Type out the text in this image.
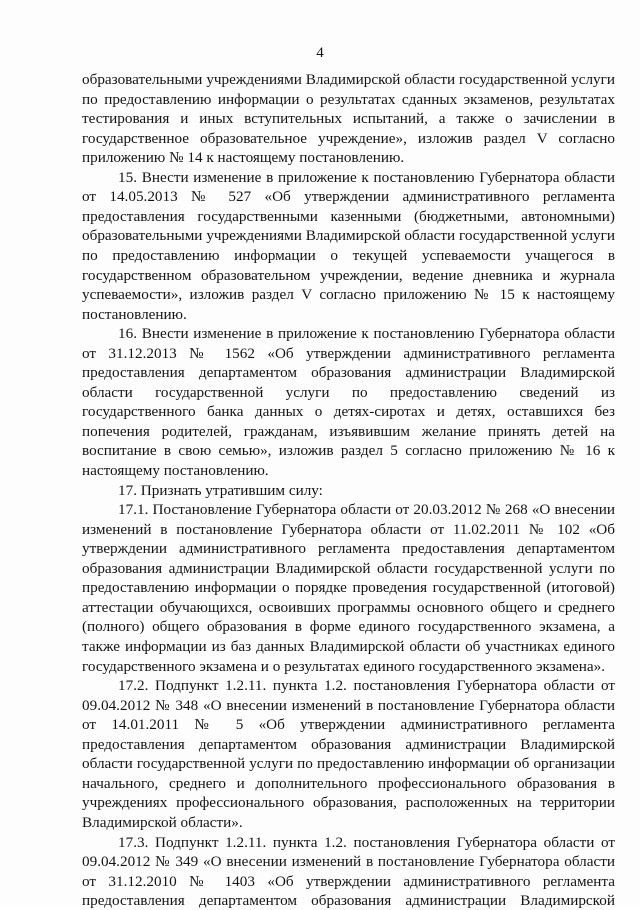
4
образовательными учреждениями Владимирской области государственной услуги
по предоставлению информации о результатах сданных экзаменов, результатах
тестирования и иных вступительных испытаний, а также о зачислении в
государственное образовательное учреждение», изложив раздел V согласно
приложению № 14 к настоящему постановлению.
15. Внести изменение в приложение к постановлению Губернатора области
от 14.05.2013 № 527 «Об утверждении административного регламента
предоставления государственными казенными (бюджетными, автономными)
образовательными учреждениями Владимирской области государственной услуги
по предоставлению информации о текущей успеваемости учащегося в
государственном образовательном учреждении, ведение дневника и журнала
успеваемости», изложив раздел V согласно приложению № 15 к настоящему
постановлению.
16. Внести изменение в приложение к постановлению Губернатора области
от 31.12.2013 № 1562 «Об утверждении административного регламента
предоставления департаментом образования администрации Владимирской
области государственной услуги по предоставлению сведений из
государственного банка данных о детях-сиротах и детях, оставшихся без
попечения родителей, гражданам, изъявившим желание принять детей на
воспитание в свою семью», изложив раздел 5 согласно приложению № 16 к
настоящему постановлению.
17. Признать утратившим силу:
17.1. Постановление Губернатора области от 20.03.2012 № 268 «О внесении
изменений в постановление Губернатора области от 11.02.2011 № 102 «Об
утверждении административного регламента предоставления департаментом
образования администрации Владимирской области государственной услуги по
предоставлению информации о порядке проведения государственной (итоговой)
аттестации обучающихся, освоивших программы основного общего и среднего
(полного) общего образования в форме единого государственного экзамена, а
также информации из баз данных Владимирской области об участниках единого
государственного экзамена и о результатах единого государственного экзамена».
17.2. Подпункт 1.2.11. пункта 1.2. постановления Губернатора области от
09.04.2012 № 348 «О внесении изменений в постановление Губернатора области
от 14.01.2011 № 5 «Об утверждении административного регламента
предоставления департаментом образования администрации Владимирской
области государственной услуги по предоставлению информации об организации
начального, среднего и дополнительного профессионального образования в
учреждениях профессионального образования, расположенных на территории
Владимирской области».
17.3. Подпункт 1.2.11. пункта 1.2. постановления Губернатора области от
09.04.2012 № 349 «О внесении изменений в постановление Губернатора области
от 31.12.2010 № 1403 «Об утверждении административного регламента
предоставления департаментом образования администрации Владимирской
